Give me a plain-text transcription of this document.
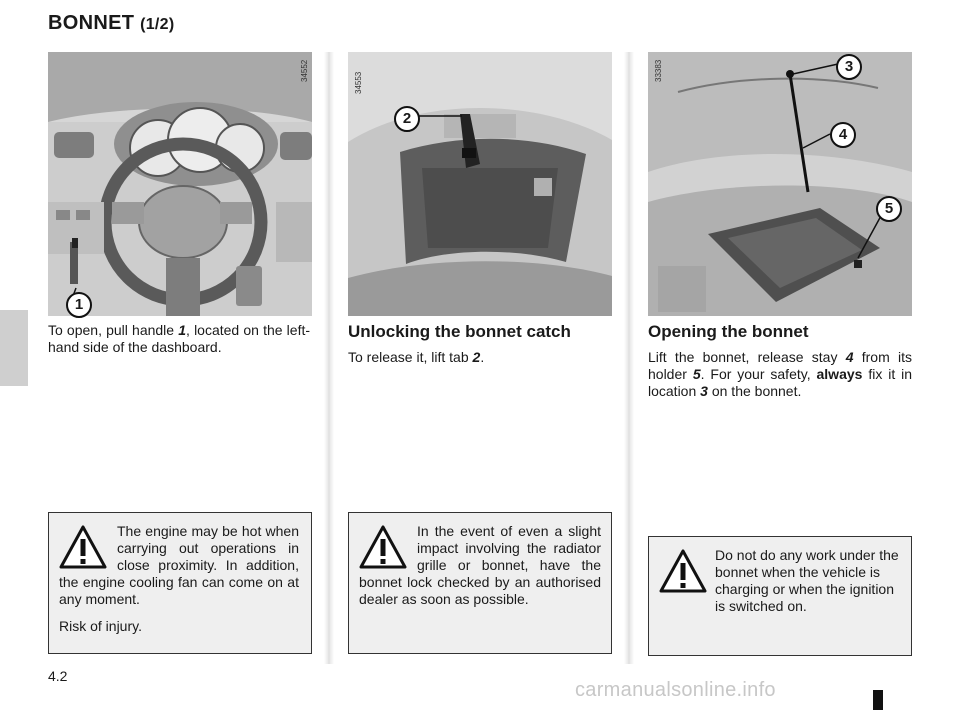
BONNET (1/2)
34552
1
To open, pull handle 1, located on the left-hand side of the dashboard.
The engine may be hot when carrying out operations in close proximity. In addition, the engine cooling fan can come on at any moment.
Risk of injury.
34553
2
Unlocking the bonnet catch
To release it, lift tab 2.
In the event of even a slight impact involving the radiator grille or bonnet, have the bonnet lock checked by an authorised dealer as soon as possible.
33383	3
4
5
Opening the bonnet
Lift the bonnet, release stay 4 from its holder 5. For your safety, always fix it in location 3 on the bonnet.
Do not do any work under the bonnet when the vehicle is charging or when the ignition is switched on.
4.2
carmanualsonline.info
